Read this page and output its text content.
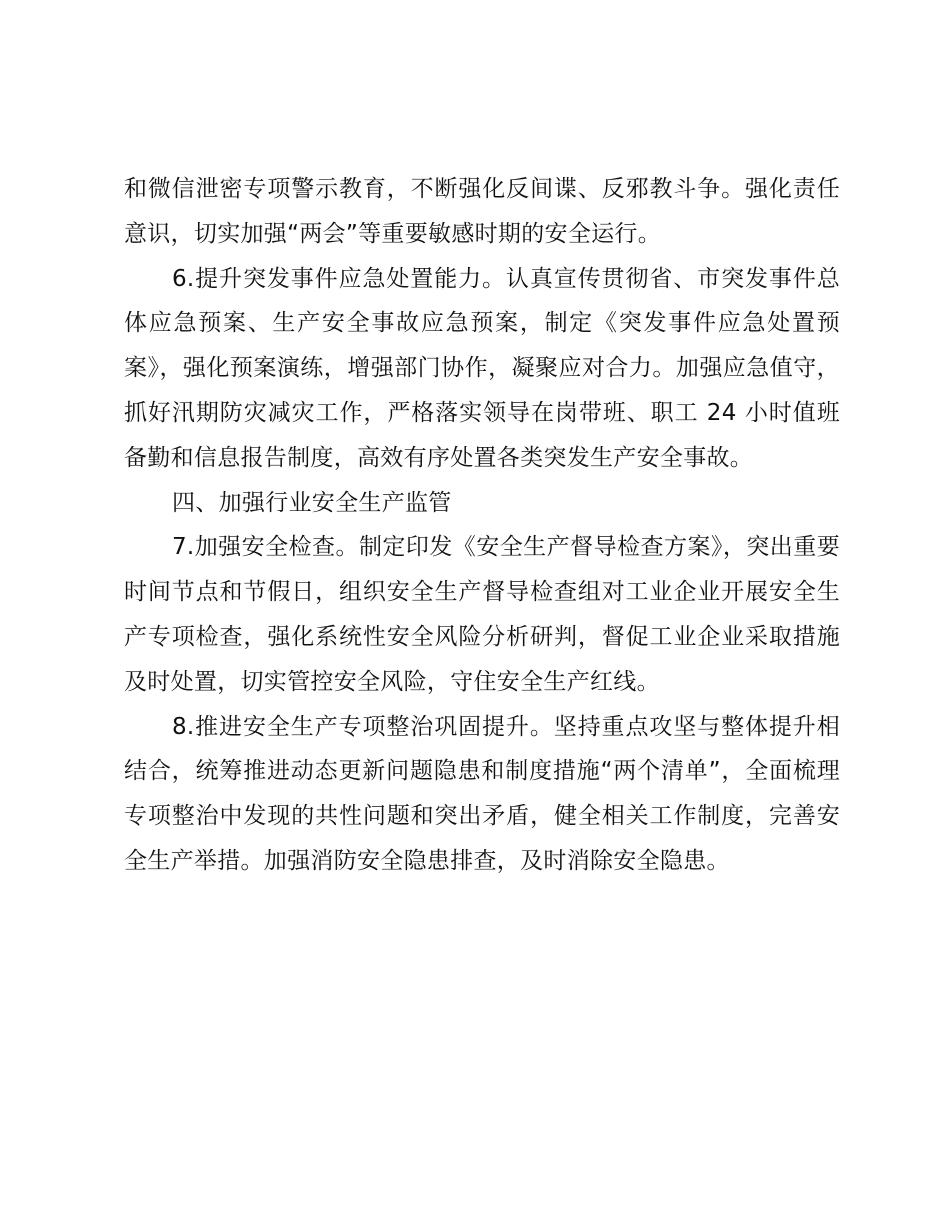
和微信泄密专项警示教育，不断强化反间谍、反邪教斗争。强化责任意识，切实加强“两会”等重要敏感时期的安全运行。

6.提升突发事件应急处置能力。认真宣传贯彻省、市突发事件总体应急预案、生产安全事故应急预案，制定《突发事件应急处置预案》，强化预案演练，增强部门协作，凝聚应对合力。加强应急值守，抓好汛期防灾减灾工作，严格落实领导在岗带班、职工 24 小时值班备勤和信息报告制度，高效有序处置各类突发生产安全事故。

四、加强行业安全生产监管

7.加强安全检查。制定印发《安全生产督导检查方案》，突出重要时间节点和节假日，组织安全生产督导检查组对工业企业开展安全生产专项检查，强化系统性安全风险分析研判，督促工业企业采取措施及时处置，切实管控安全风险，守住安全生产红线。

8.推进安全生产专项整治巩固提升。坚持重点攻坚与整体提升相结合，统筹推进动态更新问题隐患和制度措施“两个清单”，全面梳理专项整治中发现的共性问题和突出矛盾，健全相关工作制度，完善安全生产举措。加强消防安全隐患排查，及时消除安全隐患。
